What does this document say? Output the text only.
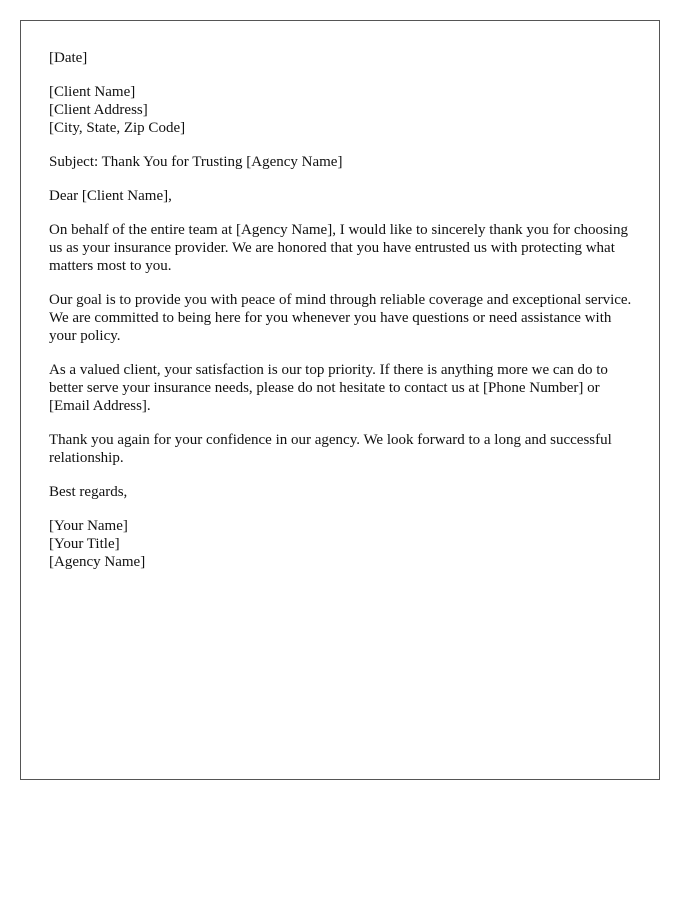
[Date]

[Client Name]
[Client Address]
[City, State, Zip Code]

Subject: Thank You for Trusting [Agency Name]

Dear [Client Name],

On behalf of the entire team at [Agency Name], I would like to sincerely thank you for choosing us as your insurance provider. We are honored that you have entrusted us with protecting what matters most to you.

Our goal is to provide you with peace of mind through reliable coverage and exceptional service. We are committed to being here for you whenever you have questions or need assistance with your policy.

As a valued client, your satisfaction is our top priority. If there is anything more we can do to better serve your insurance needs, please do not hesitate to contact us at [Phone Number] or [Email Address].

Thank you again for your confidence in our agency. We look forward to a long and successful relationship.

Best regards,

[Your Name]
[Your Title]
[Agency Name]
